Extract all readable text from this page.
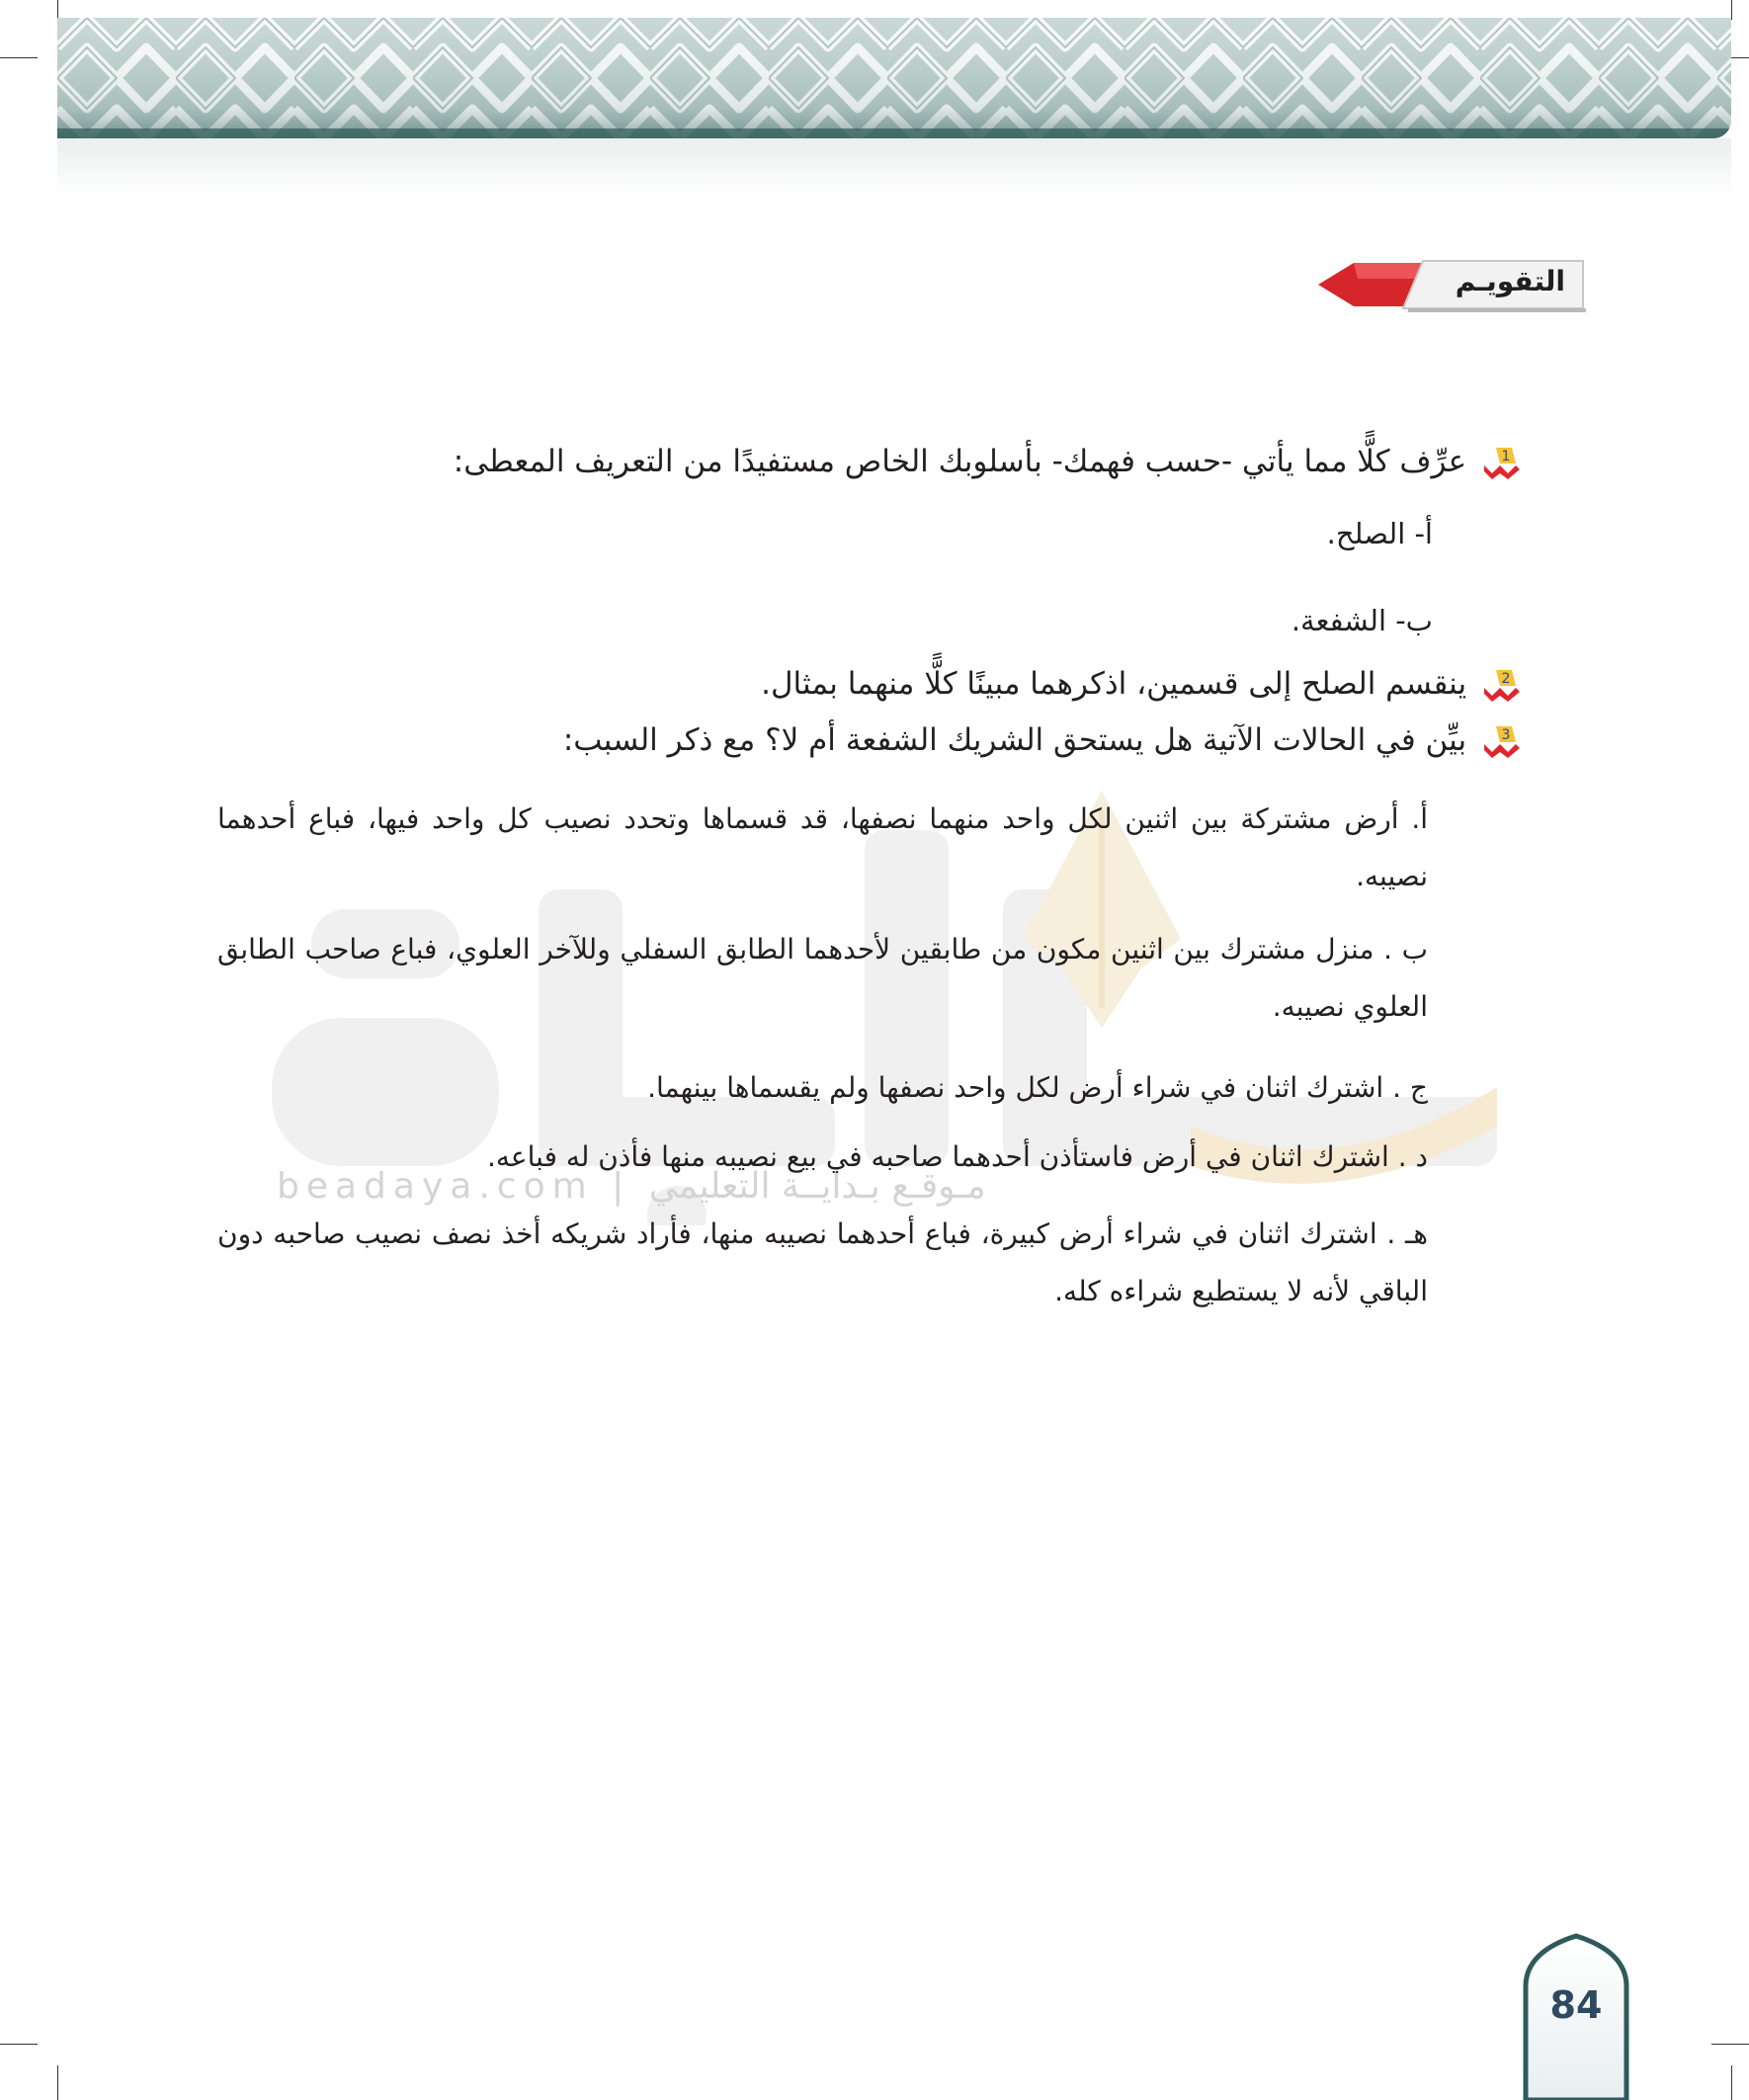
التقويـم
beadaya.com | مـوقـع بـدايــة التعليمي
1
عرِّف كلًّا مما يأتي -حسب فهمك- بأسلوبك الخاص مستفيدًا من التعريف المعطى:
أ- الصلح.
ب- الشفعة.
2
ينقسم الصلح إلى قسمين، اذكرهما مبينًا كلًّا منهما بمثال.
3
بيِّن في الحالات الآتية هل يستحق الشريك الشفعة أم لا؟ مع ذكر السبب:
أ. أرض مشتركة بين اثنين لكل واحد منهما نصفها، قد قسماها وتحدد نصيب كل واحد فيها، فباع أحدهما نصيبه.
ب . منزل مشترك بين اثنين مكون من طابقين لأحدهما الطابق السفلي وللآخر العلوي، فباع صاحب الطابق العلوي نصيبه.
ج . اشترك اثنان في شراء أرض لكل واحد نصفها ولم يقسماها بينهما.
د . اشترك اثنان في أرض فاستأذن أحدهما صاحبه في بيع نصيبه منها فأذن له فباعه.
هـ . اشترك اثنان في شراء أرض كبيرة، فباع أحدهما نصيبه منها، فأراد شريكه أخذ نصف نصيب صاحبه دون الباقي لأنه لا يستطيع شراءه كله.
84
